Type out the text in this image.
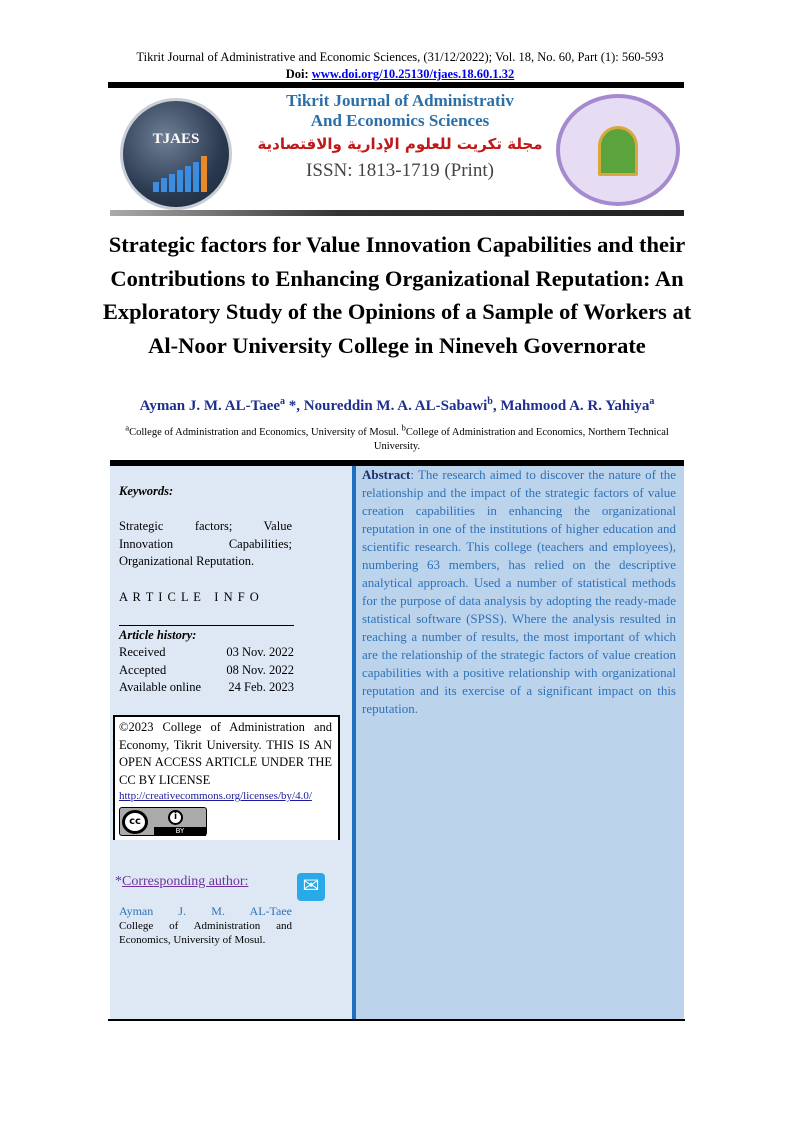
Tikrit Journal of Administrative and Economic Sciences, (31/12/2022); Vol. 18, No. 60, Part (1): 560-593
Doi: www.doi.org/10.25130/tjaes.18.60.1.32
TJAES
Tikrit Journal of Administrativ
And Economics Sciences
مجلة تكريت للعلوم الإدارية والاقتصادية
ISSN: 1813-1719 (Print)
Strategic factors for Value Innovation Capabilities and their Contributions to Enhancing Organizational Reputation: An Exploratory Study of the Opinions of a Sample of Workers at Al-Noor University College in Nineveh Governorate
Ayman J. M. AL-Taee$^a$ *, Noureddin M. A. AL-Sabawi$^b$, Mahmood A. R. Yahiya$^a$
$^a$College of Administration and Economics, University of Mosul. $^b$College of Administration and Economics, Northern Technical University.
Keywords:
Strategic factors; Value Innovation Capabilities; Organizational Reputation.
A R T I C L E   I N F O
Article history:
Received	03 Nov. 2022
Accepted	08 Nov. 2022
Available online 24 Feb. 2023
©2023 College of Administration and Economy, Tikrit University. THIS IS AN OPEN ACCESS ARTICLE UNDER THE CC BY LICENSE
http://creativecommons.org/licenses/by/4.0/
cc	i
BY
*Corresponding author:	✉
Ayman J. M. AL-Taee
College of Administration and Economics, University of Mosul.
Abstract: The research aimed to discover the nature of the relationship and the impact of the strategic factors of value creation capabilities in enhancing the organizational reputation in one of the institutions of higher education and scientific research. This college (teachers and employees), numbering 63 members, has relied on the descriptive analytical approach. Used a number of statistical methods for the purpose of data analysis by adopting the ready-made statistical software (SPSS). Where the analysis resulted in reaching a number of results, the most important of which are the relationship of the strategic factors of value creation capabilities with a positive relationship with organizational reputation and its exercise of a significant impact on this reputation.
